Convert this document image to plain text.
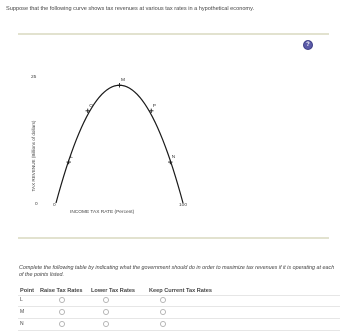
Suppose that the following curve shows tax revenues at various tax rates in a hypothetical economy.
?
TAX REVENUE (Billions of dollars)
25
0	0	100
INCOME TAX RATE (Percent)
L
O
M
P
N
Complete the following table by indicating what the government should do in order to maximize tax revenues if it is operating at each of the points listed.
Point Raise Tax Rates Lower Tax Rates Keep Current Tax Rates
L
M
N
